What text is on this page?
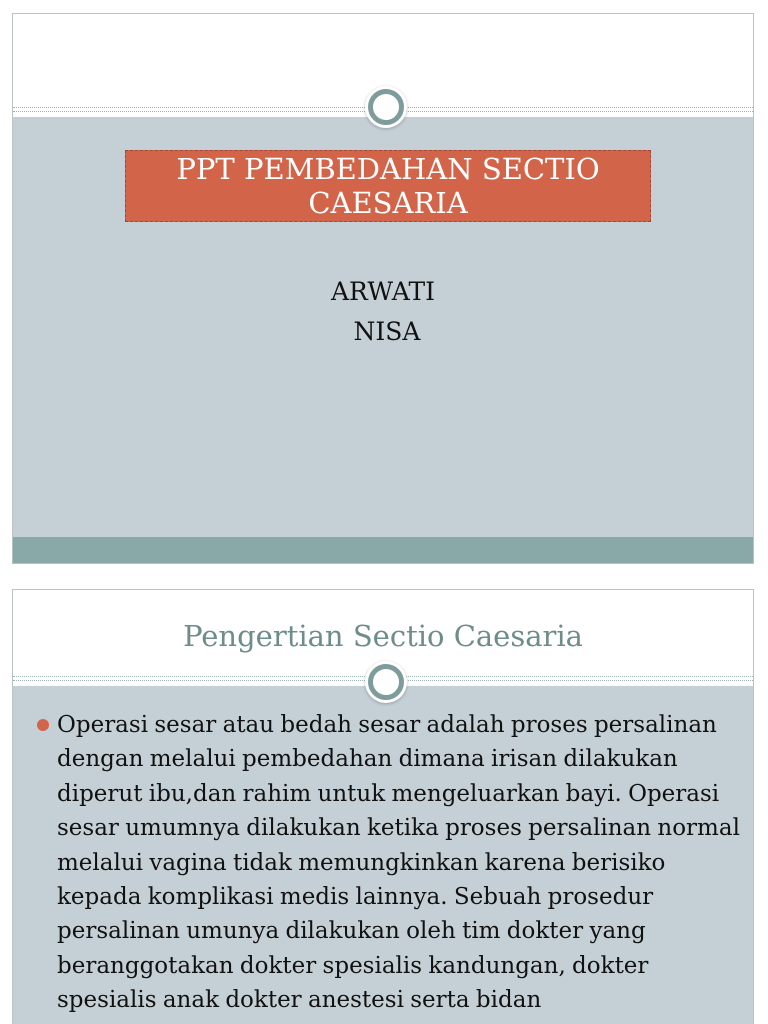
PPT PEMBEDAHAN SECTIO
CAESARIA
ARWATI
NISA
Pengertian Sectio Caesaria
Operasi sesar atau bedah sesar adalah proses persalinan dengan melalui pembedahan dimana irisan dilakukan diperut ibu,dan rahim untuk mengeluarkan bayi. Operasi sesar umumnya dilakukan ketika proses persalinan normal melalui vagina tidak memungkinkan karena berisiko kepada komplikasi medis lainnya. Sebuah prosedur persalinan umunya dilakukan oleh tim dokter yang beranggotakan dokter spesialis kandungan, dokter spesialis anak dokter anestesi serta bidan
